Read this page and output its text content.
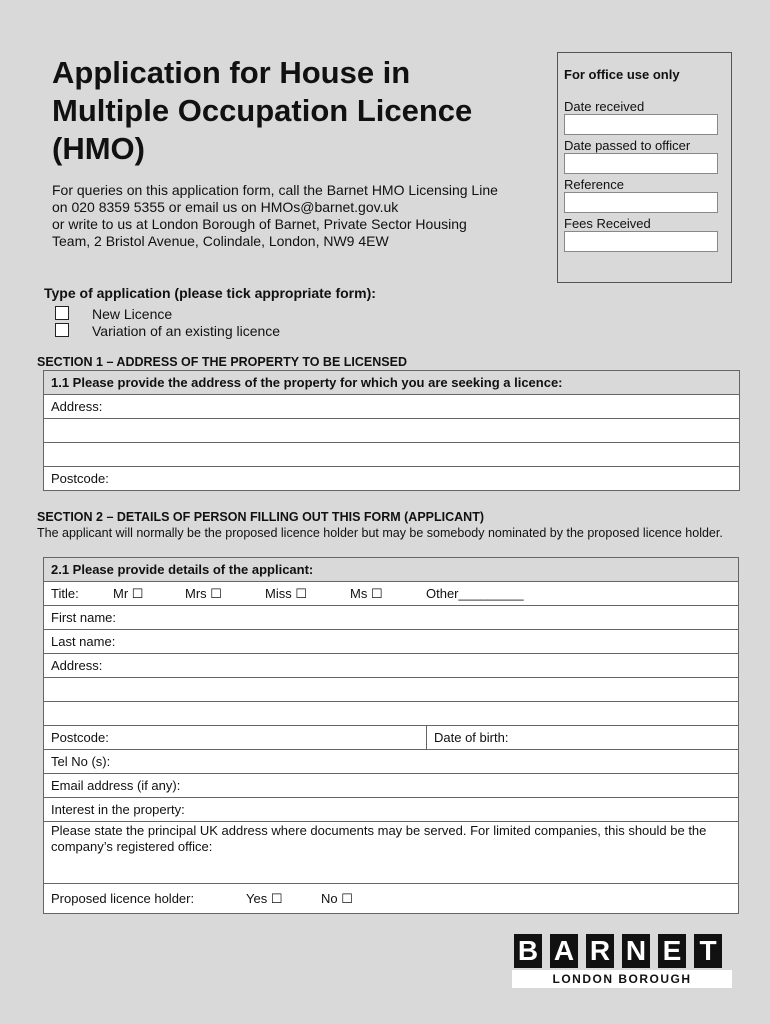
Application for House in
Multiple Occupation Licence
(HMO)
For queries on this application form, call the Barnet HMO Licensing Line
on 020 8359 5355 or email us on HMOs@barnet.gov.uk
or write to us at London Borough of Barnet, Private Sector Housing
Team, 2 Bristol Avenue, Colindale, London, NW9 4EW
For office use only
Date received
Date passed to officer
Reference
Fees Received
Type of application (please tick appropriate form):
New Licence
Variation of an existing licence
SECTION 1 – ADDRESS OF THE PROPERTY TO BE LICENSED
1.1 Please provide the address of the property for which you are seeking a licence:
Address:

Postcode:
SECTION 2 – DETAILS OF PERSON FILLING OUT THIS FORM (APPLICANT)
The applicant will normally be the proposed licence holder but may be somebody nominated by the proposed licence holder.
2.1 Please provide details of the applicant:
Title:	Mr ☐	Mrs ☐	Miss ☐	Ms ☐	Other_________
First name:
Last name:
Address:

Postcode:	Date of birth:
Tel No (s):
Email address (if any):
Interest in the property:
Please state the principal UK address where documents may be served. For limited companies, this should be the company’s registered office:
Proposed licence holder:	Yes ☐	No ☐
B A R N E T
LONDON BOROUGH
